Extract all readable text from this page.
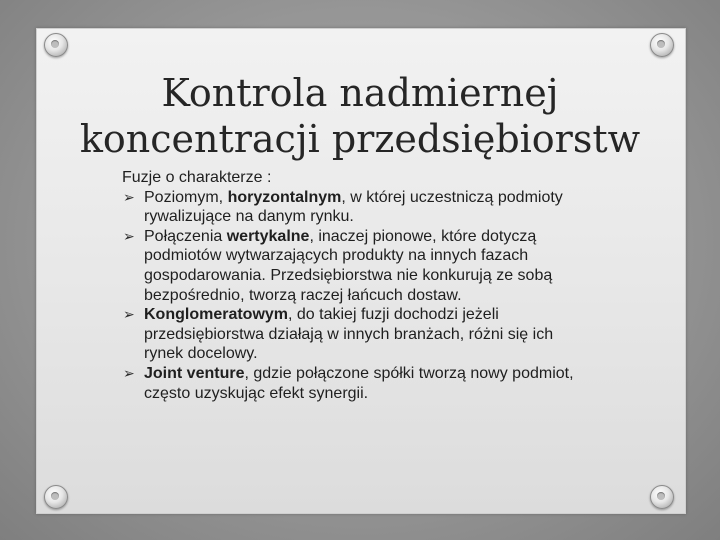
Kontrola nadmiernej
koncentracji przedsiębiorstw
Fuzje o charakterze :
➢ Poziomym, horyzontalnym, w której uczestniczą podmioty rywalizujące na danym rynku.
➢ Połączenia wertykalne, inaczej pionowe, które dotyczą podmiotów wytwarzających produkty na innych fazach gospodarowania. Przedsiębiorstwa nie konkurują ze sobą bezpośrednio, tworzą raczej łańcuch dostaw.
➢ Konglomeratowym, do takiej fuzji dochodzi jeżeli przedsiębiorstwa działają w innych branżach, różni się ich rynek docelowy.
➢ Joint venture, gdzie połączone spółki tworzą nowy podmiot, często uzyskując efekt synergii.
